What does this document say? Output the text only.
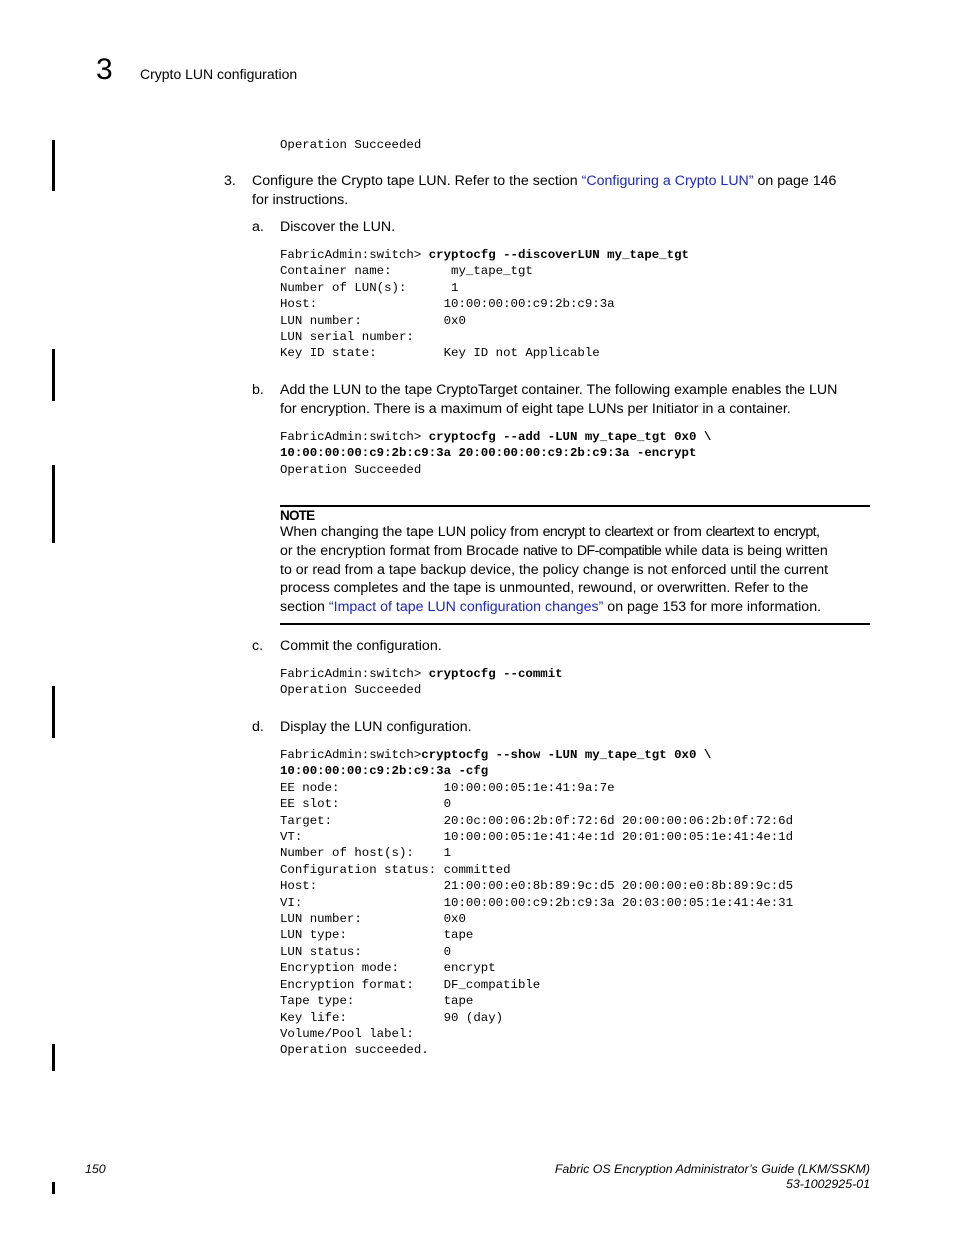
3 Crypto LUN configuration
Operation Succeeded
3. Configure the Crypto tape LUN. Refer to the section “Configuring a Crypto LUN” on page 146
for instructions.
a. Discover the LUN.
FabricAdmin:switch> cryptocfg --discoverLUN my_tape_tgt
Container name:        my_tape_tgt
Number of LUN(s):      1
Host:                 10:00:00:00:c9:2b:c9:3a
LUN number:           0x0
LUN serial number:
Key ID state:         Key ID not Applicable
b. Add the LUN to the tape CryptoTarget container. The following example enables the LUN
for encryption. There is a maximum of eight tape LUNs per Initiator in a container.
FabricAdmin:switch> cryptocfg --add -LUN my_tape_tgt 0x0 \
10:00:00:00:c9:2b:c9:3a 20:00:00:00:c9:2b:c9:3a -encrypt
Operation Succeeded
NOTE
When changing the tape LUN policy from encrypt to cleartext or from cleartext to encrypt,
or the encryption format from Brocade native to DF-compatible while data is being written
to or read from a tape backup device, the policy change is not enforced until the current
process completes and the tape is unmounted, rewound, or overwritten. Refer to the
section “Impact of tape LUN configuration changes” on page 153 for more information.
c. Commit the configuration.
FabricAdmin:switch> cryptocfg --commit
Operation Succeeded
d. Display the LUN configuration.
FabricAdmin:switch>cryptocfg --show -LUN my_tape_tgt 0x0 \
10:00:00:00:c9:2b:c9:3a -cfg
EE node:              10:00:00:05:1e:41:9a:7e
EE slot:              0
Target:               20:0c:00:06:2b:0f:72:6d 20:00:00:06:2b:0f:72:6d
VT:                   10:00:00:05:1e:41:4e:1d 20:01:00:05:1e:41:4e:1d
Number of host(s):    1
Configuration status: committed
Host:                 21:00:00:e0:8b:89:9c:d5 20:00:00:e0:8b:89:9c:d5
VI:                   10:00:00:00:c9:2b:c9:3a 20:03:00:05:1e:41:4e:31
LUN number:           0x0
LUN type:             tape
LUN status:           0
Encryption mode:      encrypt
Encryption format:    DF_compatible
Tape type:            tape
Key life:             90 (day)
Volume/Pool label:
Operation succeeded.
150	Fabric OS Encryption Administrator’s Guide (LKM/SSKM)
53-1002925-01
